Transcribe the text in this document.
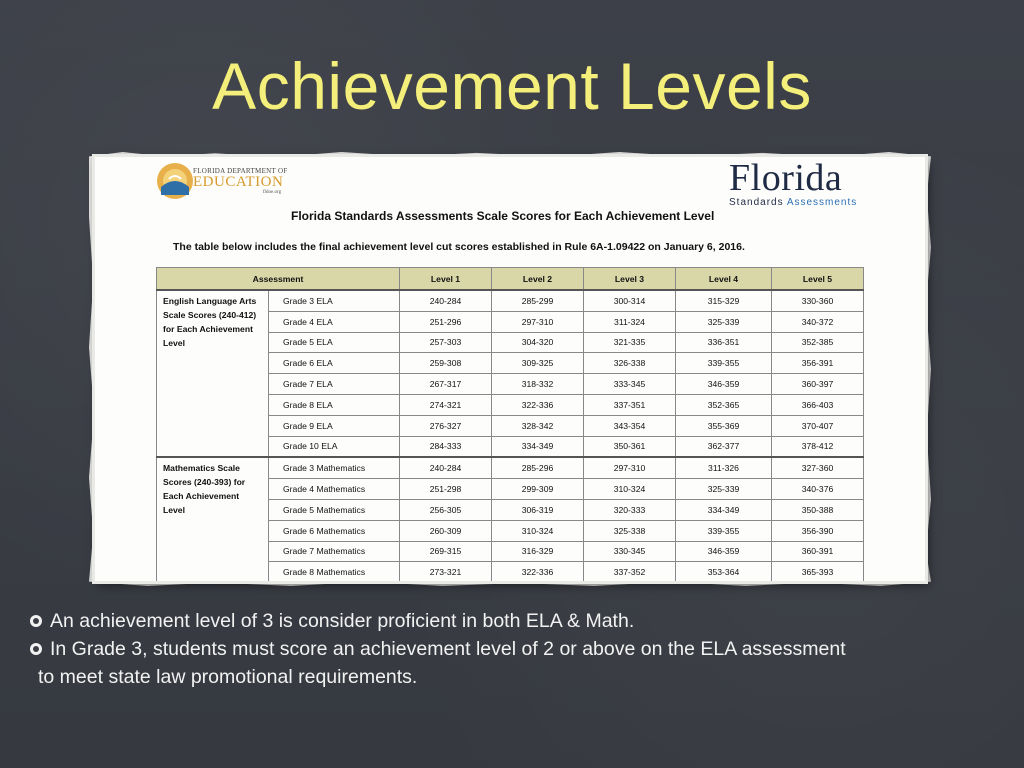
Achievement Levels
FLORIDA DEPARTMENT OF
EDUCATION
fldoe.org	Florida
Standards Assessments
Florida Standards Assessments Scale Scores for Each Achievement Level
The table below includes the final achievement level cut scores established in Rule 6A-1.09422 on January 6, 2016.
Assessment		Level 1	Level 2	Level 3	Level 4	Level 5
English Language Arts Scale Scores (240-412) for Each Achievement Level	Grade 3 ELA	240-284	285-299	300-314	315-329	330-360
	Grade 4 ELA	251-296	297-310	311-324	325-339	340-372
	Grade 5 ELA	257-303	304-320	321-335	336-351	352-385
	Grade 6 ELA	259-308	309-325	326-338	339-355	356-391
	Grade 7 ELA	267-317	318-332	333-345	346-359	360-397
	Grade 8 ELA	274-321	322-336	337-351	352-365	366-403
	Grade 9 ELA	276-327	328-342	343-354	355-369	370-407
	Grade 10 ELA	284-333	334-349	350-361	362-377	378-412
Mathematics Scale Scores (240-393) for Each Achievement Level	Grade 3 Mathematics	240-284	285-296	297-310	311-326	327-360
	Grade 4 Mathematics	251-298	299-309	310-324	325-339	340-376
	Grade 5 Mathematics	256-305	306-319	320-333	334-349	350-388
	Grade 6 Mathematics	260-309	310-324	325-338	339-355	356-390
	Grade 7 Mathematics	269-315	316-329	330-345	346-359	360-391
	Grade 8 Mathematics	273-321	322-336	337-352	353-364	365-393
An achievement level of 3 is consider proficient in both ELA & Math.
In Grade 3, students must score an achievement level of 2 or above on the ELA assessment
to meet state law promotional requirements.
